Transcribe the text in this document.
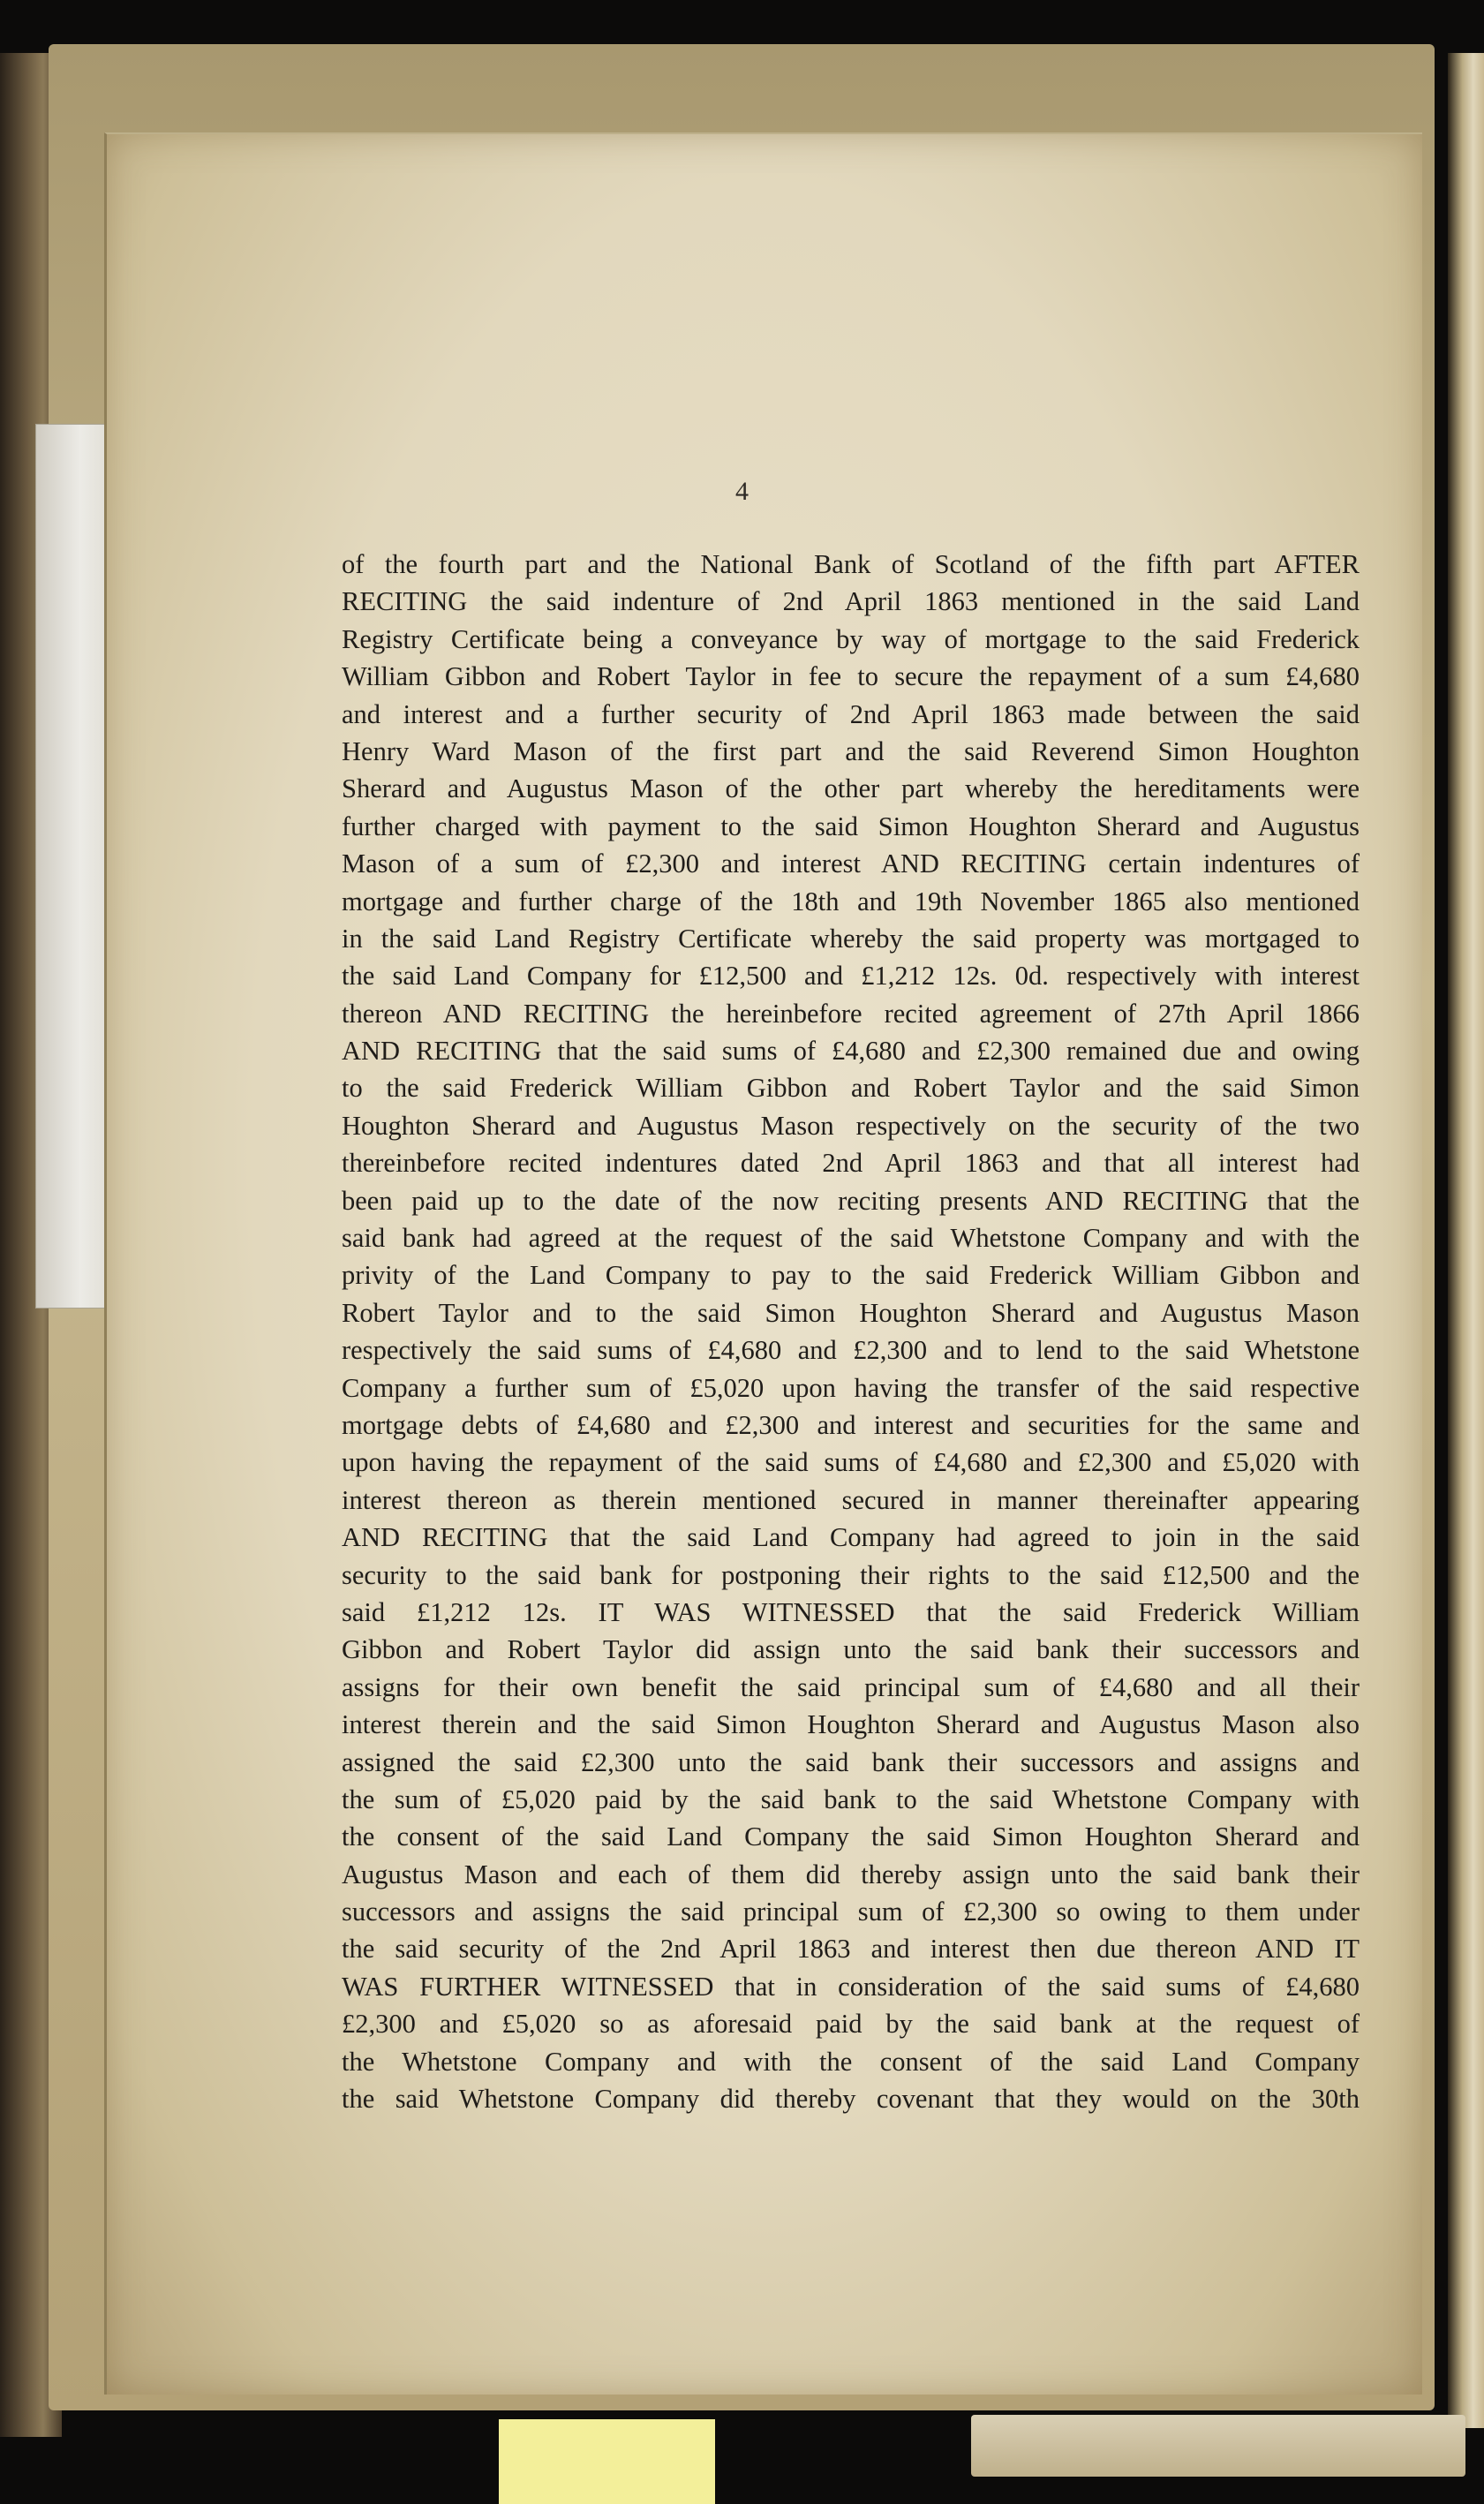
4
of the fourth part and the National Bank of Scotland of the fifth part AFTER
RECITING the said indenture of 2nd April 1863 mentioned in the said Land
Registry Certificate being a conveyance by way of mortgage to the said Frederick
William Gibbon and Robert Taylor in fee to secure the repayment of a sum £4,680
and interest and a further security of 2nd April 1863 made between the said
Henry Ward Mason of the first part and the said Reverend Simon Houghton
Sherard and Augustus Mason of the other part whereby the hereditaments were
further charged with payment to the said Simon Houghton Sherard and Augustus
Mason of a sum of £2,300 and interest AND RECITING certain indentures of
mortgage and further charge of the 18th and 19th November 1865 also mentioned
in the said Land Registry Certificate whereby the said property was mortgaged to
the said Land Company for £12,500 and £1,212 12s. 0d. respectively with interest
thereon AND RECITING the hereinbefore recited agreement of 27th April 1866
AND RECITING that the said sums of £4,680 and £2,300 remained due and owing
to the said Frederick William Gibbon and Robert Taylor and the said Simon
Houghton Sherard and Augustus Mason respectively on the security of the two
thereinbefore recited indentures dated 2nd April 1863 and that all interest had
been paid up to the date of the now reciting presents AND RECITING that the
said bank had agreed at the request of the said Whetstone Company and with the
privity of the Land Company to pay to the said Frederick William Gibbon and
Robert Taylor and to the said Simon Houghton Sherard and Augustus Mason
respectively the said sums of £4,680 and £2,300 and to lend to the said Whetstone
Company a further sum of £5,020 upon having the transfer of the said respective
mortgage debts of £4,680 and £2,300 and interest and securities for the same and
upon having the repayment of the said sums of £4,680 and £2,300 and £5,020 with
interest thereon as therein mentioned secured in manner thereinafter appearing
AND RECITING that the said Land Company had agreed to join in the said
security to the said bank for postponing their rights to the said £12,500 and the
said £1,212 12s. IT WAS WITNESSED that the said Frederick William
Gibbon and Robert Taylor did assign unto the said bank their successors and
assigns for their own benefit the said principal sum of £4,680 and all their
interest therein and the said Simon Houghton Sherard and Augustus Mason also
assigned the said £2,300 unto the said bank their successors and assigns and
the sum of £5,020 paid by the said bank to the said Whetstone Company with
the consent of the said Land Company the said Simon Houghton Sherard and
Augustus Mason and each of them did thereby assign unto the said bank their
successors and assigns the said principal sum of £2,300 so owing to them under
the said security of the 2nd April 1863 and interest then due thereon AND IT
WAS FURTHER WITNESSED that in consideration of the said sums of £4,680
£2,300 and £5,020 so as aforesaid paid by the said bank at the request of
the Whetstone Company and with the consent of the said Land Company
the said Whetstone Company did thereby covenant that they would on the 30th
